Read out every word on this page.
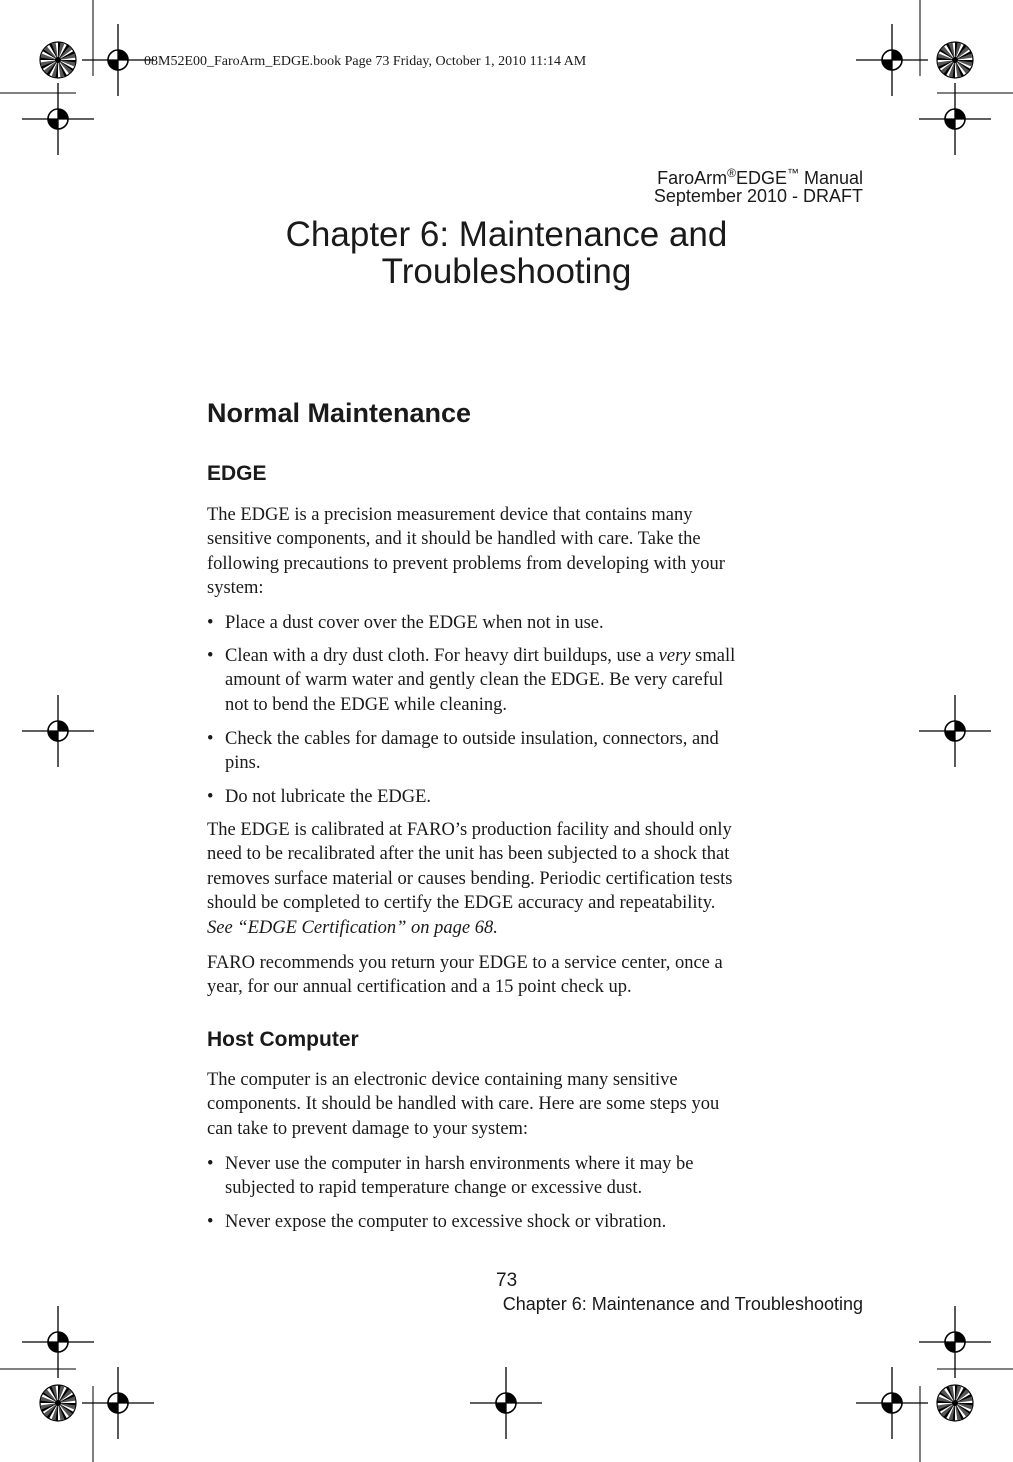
08M52E00_FaroArm_EDGE.book Page 73 Friday, October 1, 2010 11:14 AM
FaroArm®EDGE™ Manual
September 2010 - DRAFT
Chapter 6: Maintenance and
Troubleshooting
Normal Maintenance
EDGE
The EDGE is a precision measurement device that contains many
sensitive components, and it should be handled with care. Take the
following precautions to prevent problems from developing with your
system:
• Place a dust cover over the EDGE when not in use.
• Clean with a dry dust cloth. For heavy dirt buildups, use a very small
amount of warm water and gently clean the EDGE. Be very careful
not to bend the EDGE while cleaning.
• Check the cables for damage to outside insulation, connectors, and
pins.
• Do not lubricate the EDGE.
The EDGE is calibrated at FARO’s production facility and should only
need to be recalibrated after the unit has been subjected to a shock that
removes surface material or causes bending. Periodic certification tests
should be completed to certify the EDGE accuracy and repeatability.
See “EDGE Certification” on page 68.
FARO recommends you return your EDGE to a service center, once a
year, for our annual certification and a 15 point check up.
Host Computer
The computer is an electronic device containing many sensitive
components. It should be handled with care. Here are some steps you
can take to prevent damage to your system:
• Never use the computer in harsh environments where it may be
subjected to rapid temperature change or excessive dust.
• Never expose the computer to excessive shock or vibration.
73
Chapter 6: Maintenance and Troubleshooting
